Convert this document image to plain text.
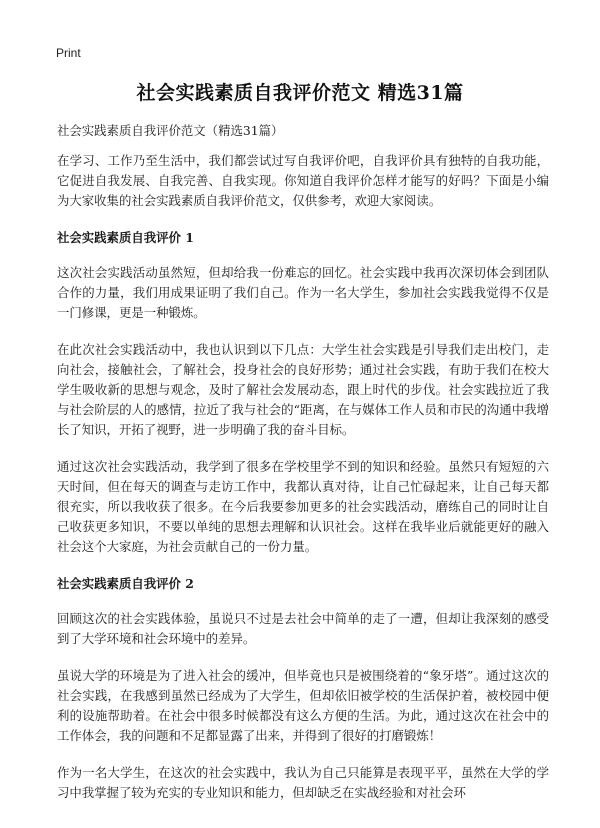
Print
社会实践素质自我评价范文 精选31篇
社会实践素质自我评价范文（精选31篇）
在学习、工作乃至生活中，我们都尝试过写自我评价吧，自我评价具有独特的自我功能，它促进自我发展、自我完善、自我实现。你知道自我评价怎样才能写的好吗？下面是小编为大家收集的社会实践素质自我评价范文，仅供参考，欢迎大家阅读。
社会实践素质自我评价 1
这次社会实践活动虽然短，但却给我一份难忘的回忆。社会实践中我再次深切体会到团队合作的力量，我们用成果证明了我们自己。作为一名大学生，参加社会实践我觉得不仅是一门修课，更是一种锻炼。
在此次社会实践活动中，我也认识到以下几点：大学生社会实践是引导我们走出校门，走向社会，接触社会，了解社会，投身社会的良好形势；通过社会实践，有助于我们在校大学生吸收新的思想与观念，及时了解社会发展动态，跟上时代的步伐。社会实践拉近了我与社会阶层的人的感情，拉近了我与社会的“距离，在与媒体工作人员和市民的沟通中我增长了知识，开拓了视野，进一步明确了我的奋斗目标。
通过这次社会实践活动，我学到了很多在学校里学不到的知识和经验。虽然只有短短的六天时间，但在每天的调查与走访工作中，我都认真对待，让自己忙碌起来，让自己每天都很充实，所以我收获了很多。在今后我要参加更多的社会实践活动，磨练自己的同时让自己收获更多知识，不要以单纯的思想去理解和认识社会。这样在我毕业后就能更好的融入社会这个大家庭，为社会贡献自己的一份力量。
社会实践素质自我评价 2
回顾这次的社会实践体验，虽说只不过是去社会中简单的走了一遭，但却让我深刻的感受到了大学环境和社会环境中的差异。
虽说大学的环境是为了进入社会的缓冲，但毕竟也只是被围绕着的“象牙塔”。通过这次的社会实践，在我感到虽然已经成为了大学生，但却依旧被学校的生活保护着，被校园中便利的设施帮助着。在社会中很多时候都没有这么方便的生活。为此，通过这次在社会中的工作体会，我的问题和不足都显露了出来，并得到了很好的打磨锻炼！
作为一名大学生，在这次的社会实践中，我认为自己只能算是表现平平，虽然在大学的学习中我掌握了较为充实的专业知识和能力，但却缺乏在实战经验和对社会环
